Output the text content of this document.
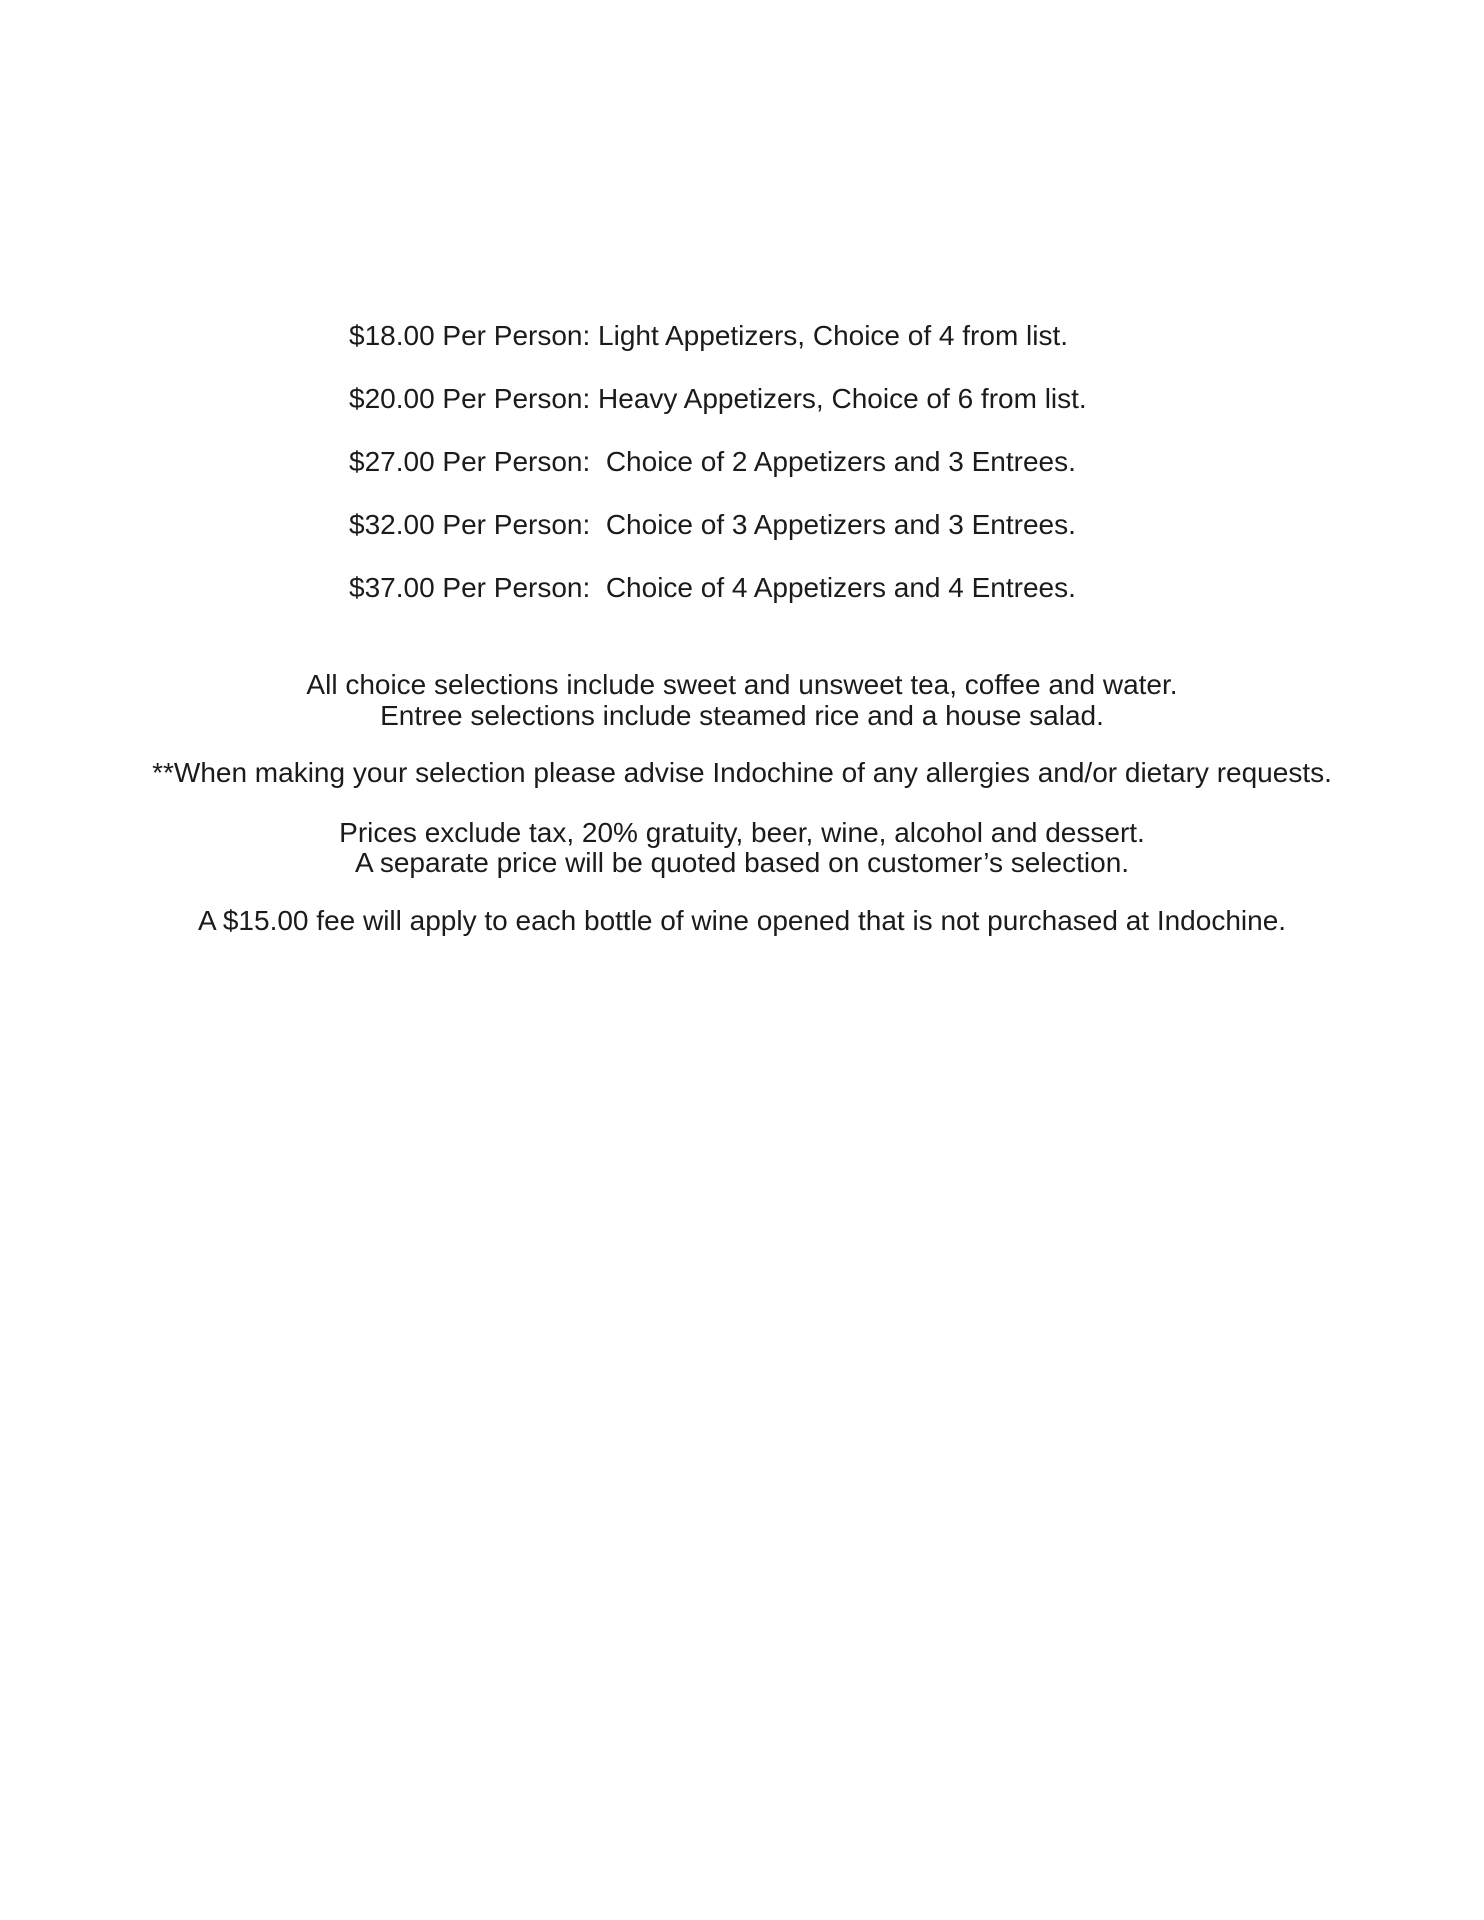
$18.00 Per Person: Light Appetizers, Choice of 4 from list.
$20.00 Per Person: Heavy Appetizers, Choice of 6 from list.
$27.00 Per Person:  Choice of 2 Appetizers and 3 Entrees.
$32.00 Per Person:  Choice of 3 Appetizers and 3 Entrees.
$37.00 Per Person:  Choice of 4 Appetizers and 4 Entrees.
All choice selections include sweet and unsweet tea, coffee and water.
Entree selections include steamed rice and a house salad.
**When making your selection please advise Indochine of any allergies and/or dietary requests.
Prices exclude tax, 20% gratuity, beer, wine, alcohol and dessert.
A separate price will be quoted based on customer’s selection.
A $15.00 fee will apply to each bottle of wine opened that is not purchased at Indochine.
